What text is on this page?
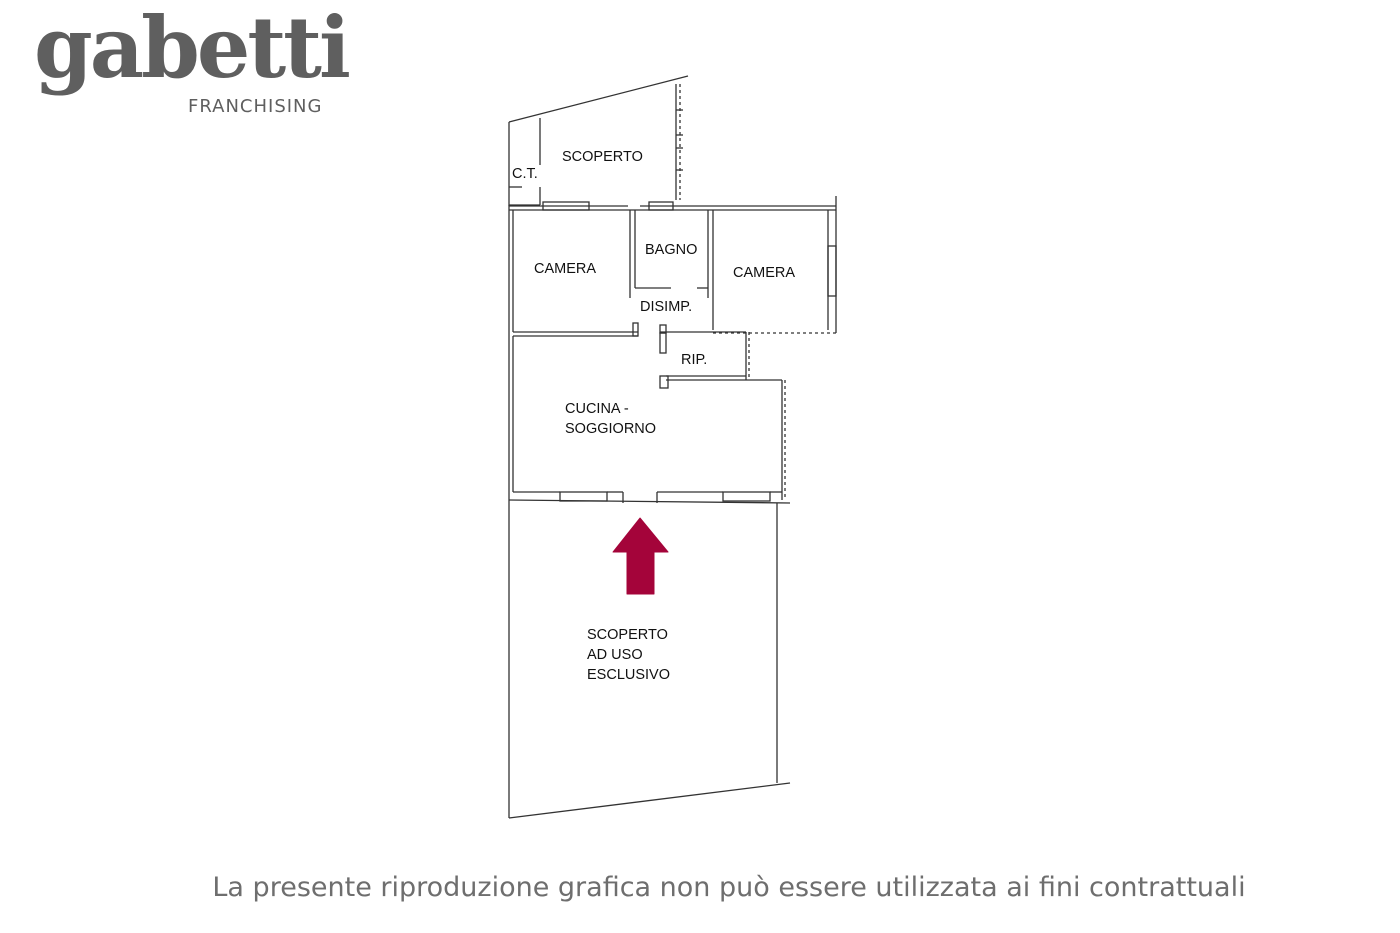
gabetti
FRANCHISING
SCOPERTO
C.T.
CAMERA
BAGNO
CAMERA
DISIMP.
RIP.
CUCINA -
SOGGIORNO
SCOPERTO
AD USO
ESCLUSIVO
La presente riproduzione grafica non può essere utilizzata ai fini contrattuali
